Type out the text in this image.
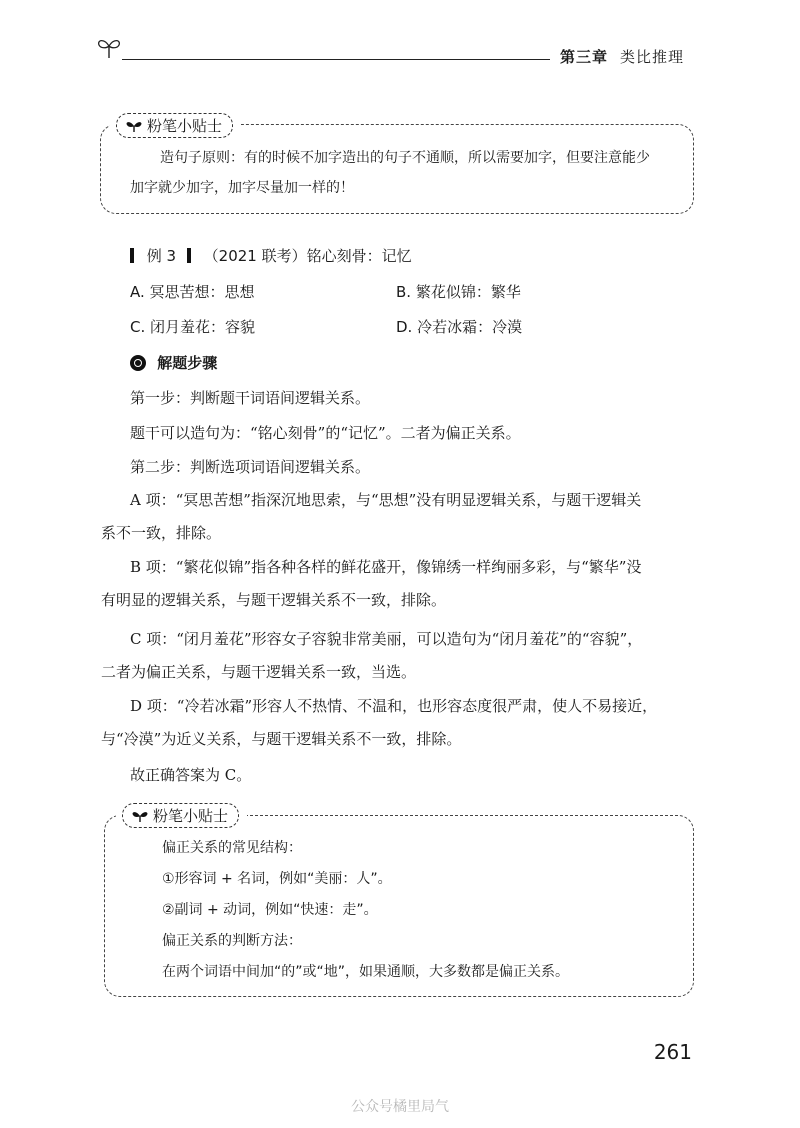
第三章 类比推理
粉笔小贴士
造句子原则：有的时候不加字造出的句子不通顺，所以需要加字，但要注意能少
加字就少加字，加字尽量加一样的！
例 3 （2021 联考）铭心刻骨：记忆
A. 冥思苦想：思想	B. 繁花似锦：繁华
C. 闭月羞花：容貌	D. 冷若冰霜：冷漠
解题步骤
第一步：判断题干词语间逻辑关系。
题干可以造句为：“铭心刻骨”的“记忆”。二者为偏正关系。
第二步：判断选项词语间逻辑关系。
A 项：“冥思苦想”指深沉地思索，与“思想”没有明显逻辑关系，与题干逻辑关
系不一致，排除。
B 项：“繁花似锦”指各种各样的鲜花盛开，像锦绣一样绚丽多彩，与“繁华”没
有明显的逻辑关系，与题干逻辑关系不一致，排除。
C 项：“闭月羞花”形容女子容貌非常美丽，可以造句为“闭月羞花”的“容貌”，
二者为偏正关系，与题干逻辑关系一致，当选。
D 项：“冷若冰霜”形容人不热情、不温和，也形容态度很严肃，使人不易接近，
与“冷漠”为近义关系，与题干逻辑关系不一致，排除。
故正确答案为 C。
粉笔小贴士
偏正关系的常见结构：
①形容词 + 名词，例如“美丽：人”。
②副词 + 动词，例如“快速：走”。
偏正关系的判断方法：
在两个词语中间加“的”或“地”，如果通顺，大多数都是偏正关系。
261
公众号橘里局气
